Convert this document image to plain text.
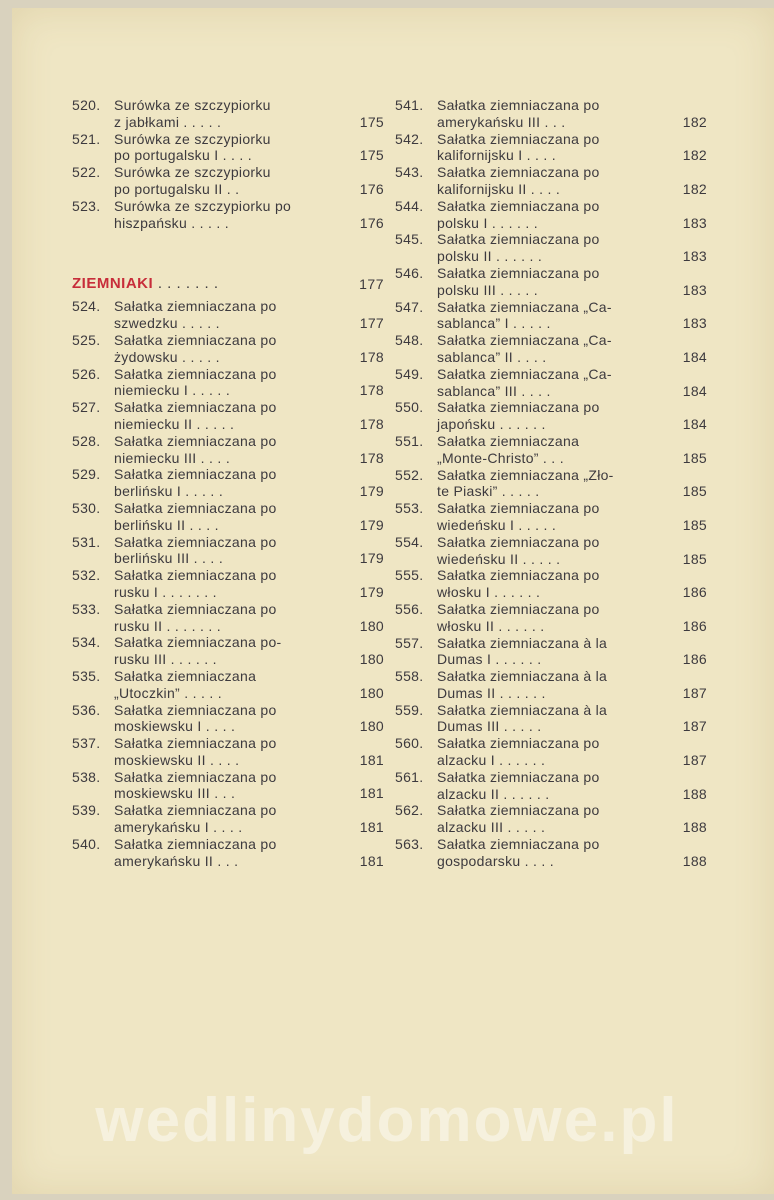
520. Surówka ze szczypiorku
z jabłkami . . . . .	175
521. Surówka ze szczypiorku
po portugalsku I . . . .	175
522. Surówka ze szczypiorku
po portugalsku II . .	176
523. Surówka ze szczypiorku po
hiszpańsku . . . . .	176
ZIEMNIAKI . . . . . . .	177
524. Sałatka ziemniaczana po
szwedzku . . . . .	177
525. Sałatka ziemniaczana po
żydowsku . . . . .	178
526. Sałatka ziemniaczana po
niemiecku I . . . . .	178
527. Sałatka ziemniaczana po
niemiecku II . . . . .	178
528. Sałatka ziemniaczana po
niemiecku III . . . .	178
529. Sałatka ziemniaczana po
berlińsku I . . . . .	179
530. Sałatka ziemniaczana po
berlińsku II . . . .	179
531. Sałatka ziemniaczana po
berlińsku III . . . .	179
532. Sałatka ziemniaczana po
rusku I . . . . . . .	179
533. Sałatka ziemniaczana po
rusku II . . . . . . .	180
534. Sałatka ziemniaczana po-
rusku III . . . . . .	180
535. Sałatka ziemniaczana
„Utoczkin” . . . . .	180
536. Sałatka ziemniaczana po
moskiewsku I . . . .	180
537. Sałatka ziemniaczana po
moskiewsku II . . . .	181
538. Sałatka ziemniaczana po
moskiewsku III . . .	181
539. Sałatka ziemniaczana po
amerykańsku I . . . .	181
540. Sałatka ziemniaczana po
amerykańsku II . . .	181
541. Sałatka ziemniaczana po
amerykańsku III . . .	182
542. Sałatka ziemniaczana po
kalifornijsku I . . . .	182
543. Sałatka ziemniaczana po
kalifornijsku II . . . .	182
544. Sałatka ziemniaczana po
polsku I . . . . . .	183
545. Sałatka ziemniaczana po
polsku II . . . . . .	183
546. Sałatka ziemniaczana po
polsku III . . . . .	183
547. Sałatka ziemniaczana „Ca-
sablanca” I . . . . .	183
548. Sałatka ziemniaczana „Ca-
sablanca” II . . . .	184
549. Sałatka ziemniaczana „Ca-
sablanca” III . . . .	184
550. Sałatka ziemniaczana po
japońsku . . . . . .	184
551. Sałatka ziemniaczana
„Monte-Christo” . . .	185
552. Sałatka ziemniaczana „Zło-
te Piaski” . . . . .	185
553. Sałatka ziemniaczana po
wiedeńsku I . . . . .	185
554. Sałatka ziemniaczana po
wiedeńsku II . . . . .	185
555. Sałatka ziemniaczana po
włosku I . . . . . .	186
556. Sałatka ziemniaczana po
włosku II . . . . . .	186
557. Sałatka ziemniaczana à la
Dumas I . . . . . .	186
558. Sałatka ziemniaczana à la
Dumas II . . . . . .	187
559. Sałatka ziemniaczana à la
Dumas III . . . . .	187
560. Sałatka ziemniaczana po
alzacku I . . . . . .	187
561. Sałatka ziemniaczana po
alzacku II . . . . . .	188
562. Sałatka ziemniaczana po
alzacku III . . . . .	188
563. Sałatka ziemniaczana po
gospodarsku . . . .	188
wedlinydomowe.pl
